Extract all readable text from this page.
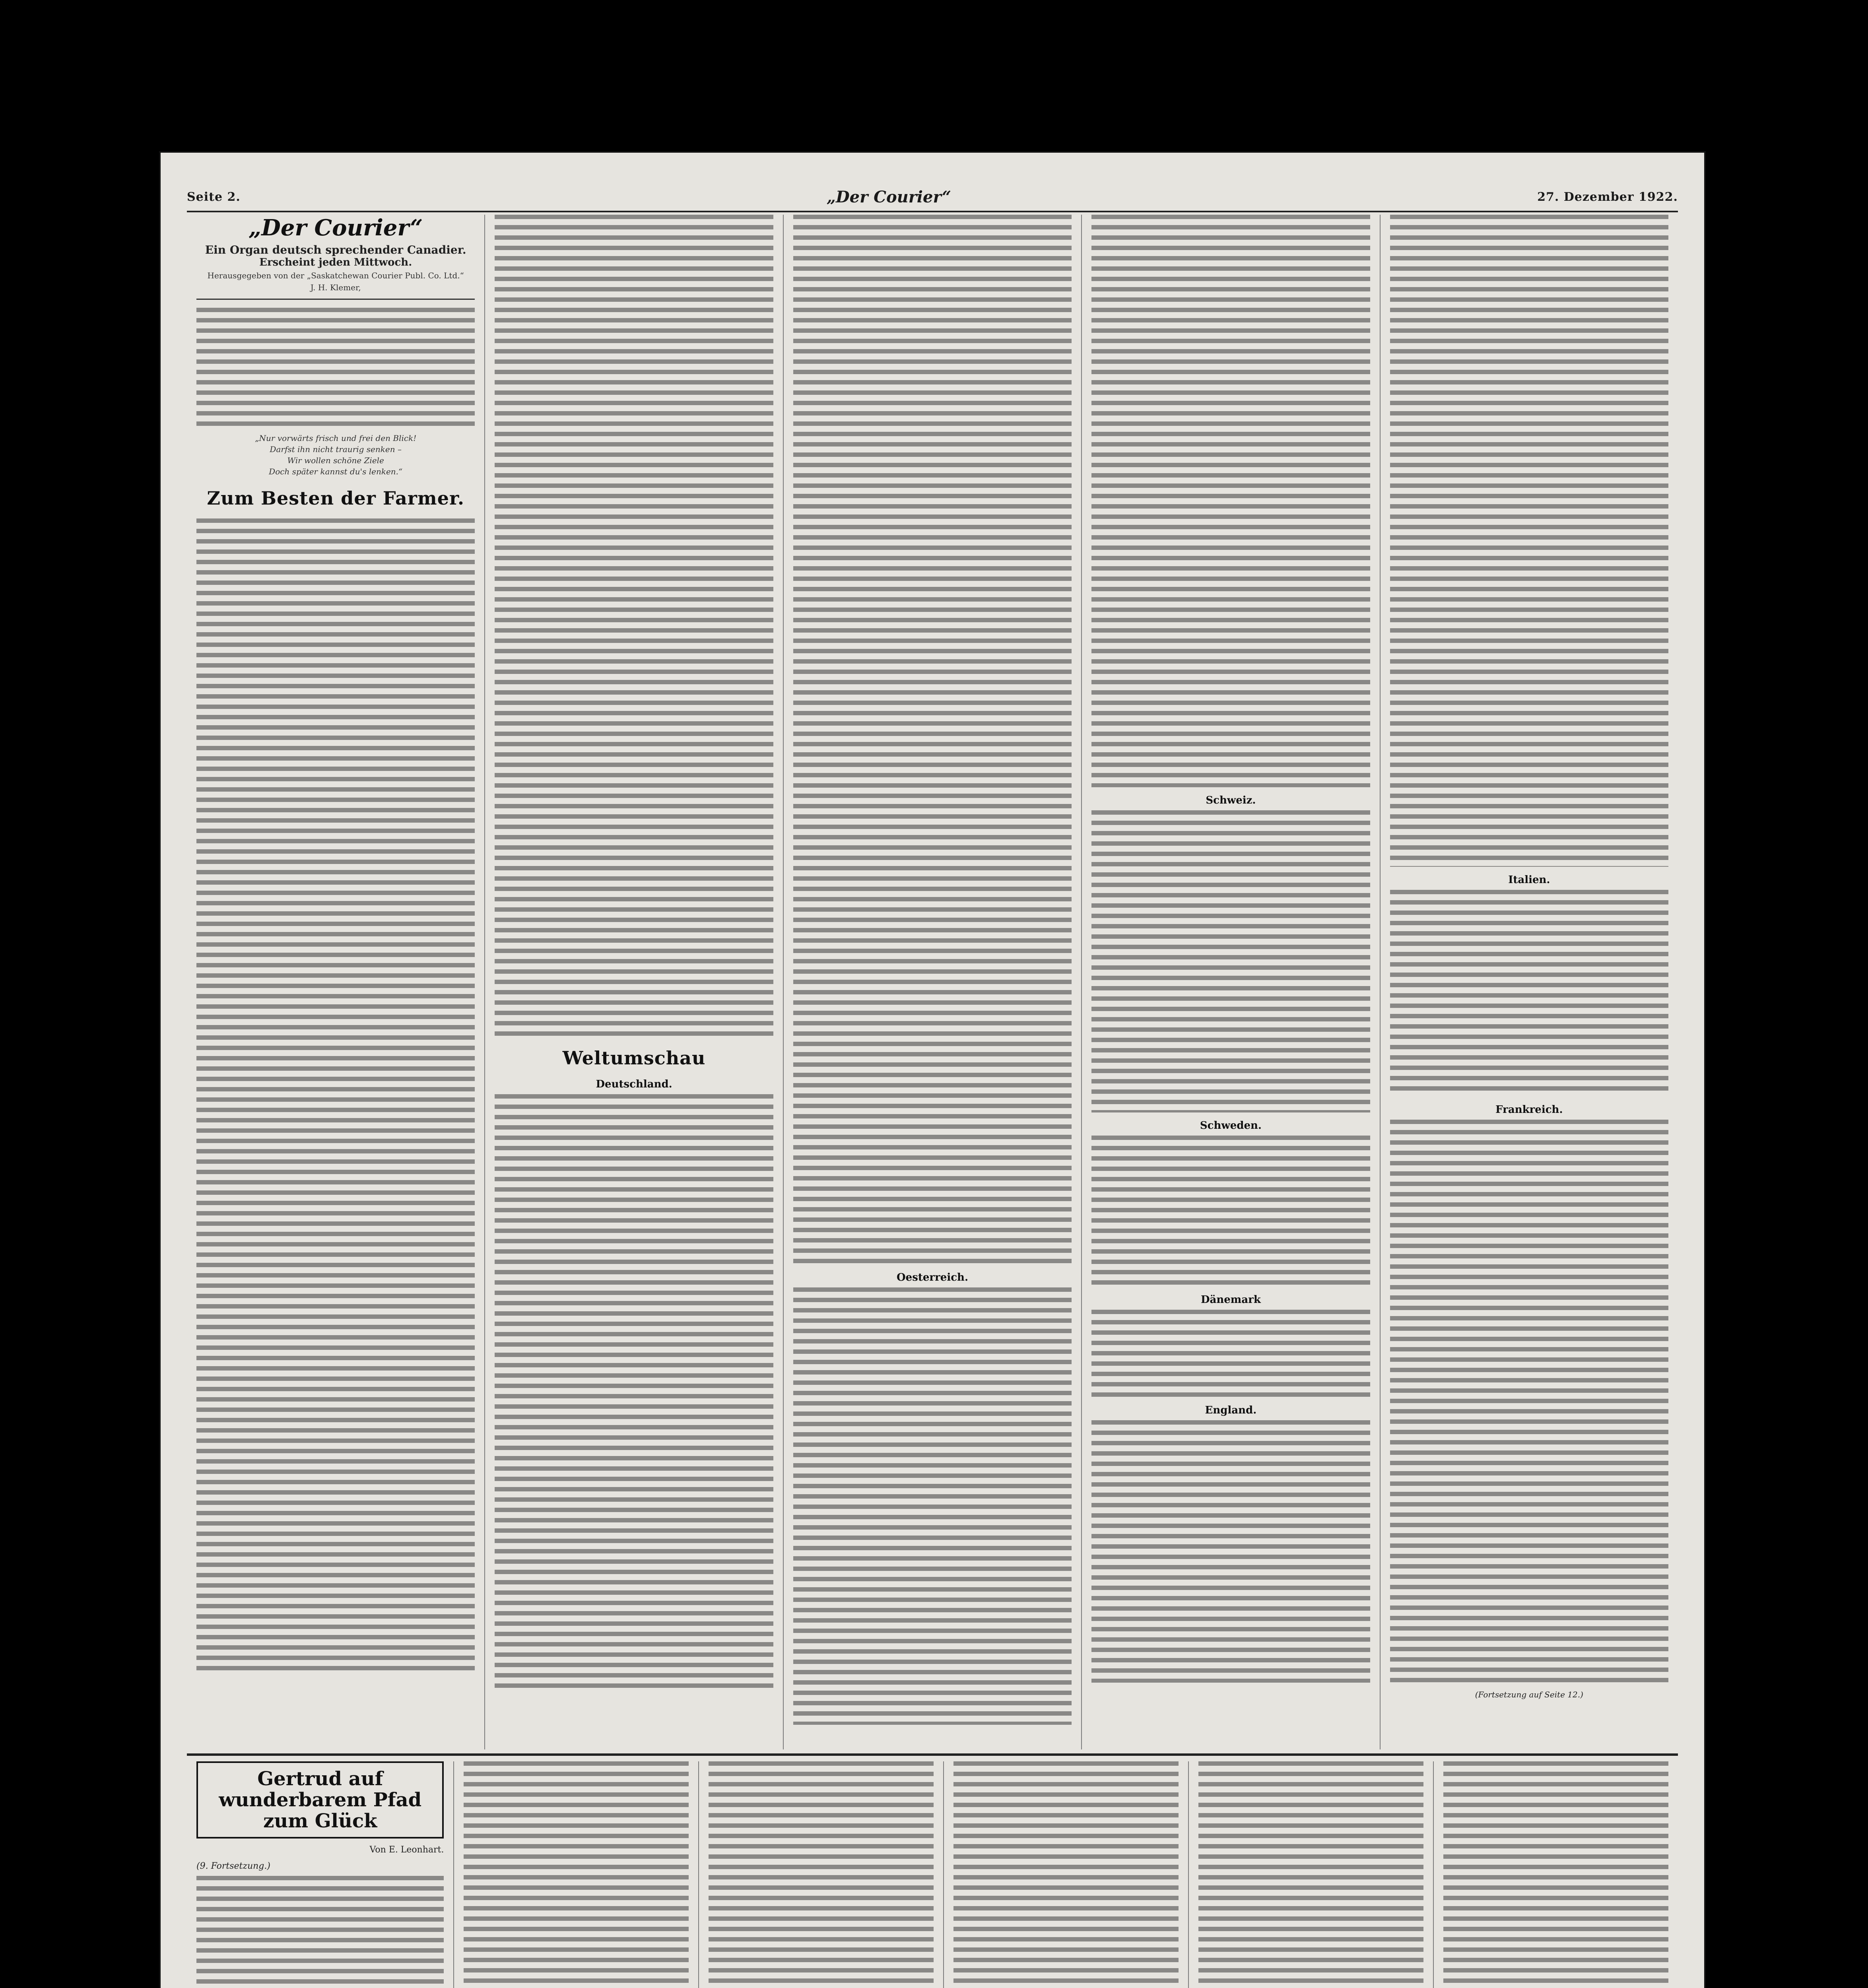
Seite 2.	„Der Courier“	27. Dezember 1922.
„Der Courier“
Ein Organ deutsch sprechender Canadier.
Erscheint jeden Mittwoch.
Herausgegeben von der „Saskatchewan Courier Publ. Co. Ltd.“
J. H. Klemer,
„Nur vorwärts frisch und frei den Blick!
Darfst ihn nicht traurig senken –
Wir wollen schöne Ziele
Doch später kannst du's lenken.“
Zum Besten der Farmer.
Weltumschau
Deutschland.
Oesterreich.
Schweiz.
Schweden.
Dänemark
England.
Italien.
Frankreich.
(Fortsetzung auf Seite 12.)
Gertrud auf wunderbarem Pfad zum Glück
Von E. Leonhart.
(9. Fortsetzung.)
